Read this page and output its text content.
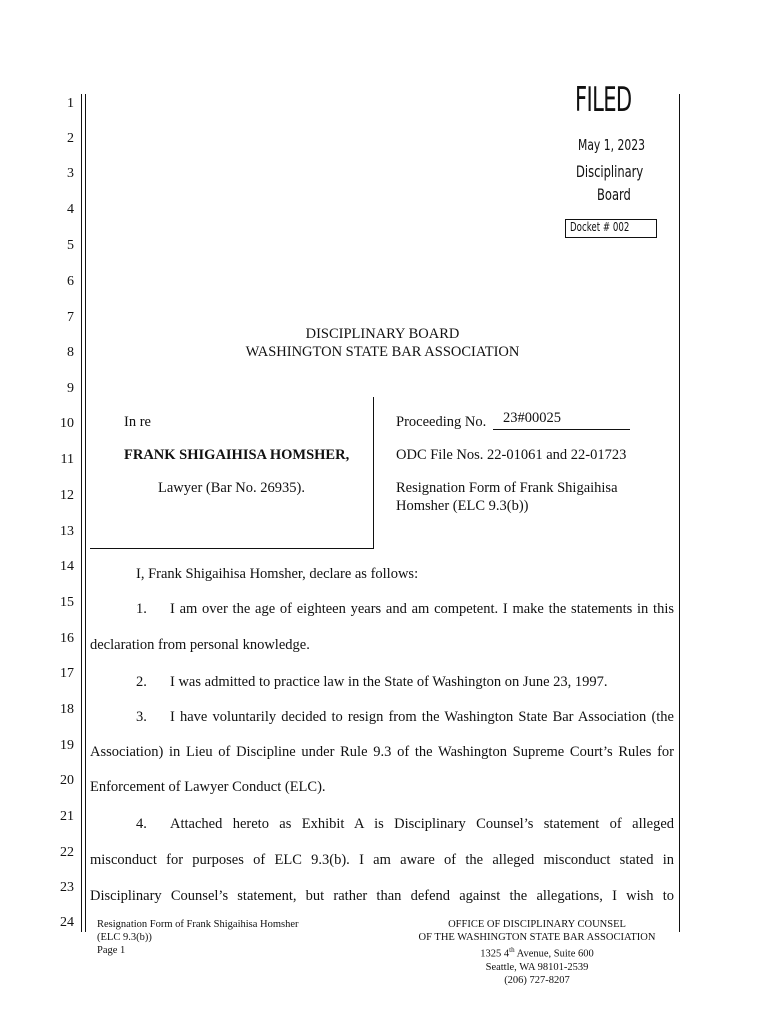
1
2
3
4
5
6
7
8
9
10
11
12
13
14
15
16
17
18
19
20
21
22
23
24
FILED
May 1, 2023
Disciplinary
Board
Docket # 002
DISCIPLINARY BOARD
WASHINGTON STATE BAR ASSOCIATION
In re
FRANK SHIGAIHISA HOMSHER,
Lawyer (Bar No. 26935).
Proceeding No. 23#00025
ODC File Nos. 22-01061 and 22-01723
Resignation Form of Frank Shigaihisa
Homsher (ELC 9.3(b))
I, Frank Shigaihisa Homsher, declare as follows:
1. I am over the age of eighteen years and am competent. I make the statements in this
declaration from personal knowledge.
2. I was admitted to practice law in the State of Washington on June 23, 1997.
3. I have voluntarily decided to resign from the Washington State Bar Association (the
Association) in Lieu of Discipline under Rule 9.3 of the Washington Supreme Court’s Rules for
Enforcement of Lawyer Conduct (ELC).
4. Attached hereto as Exhibit A is Disciplinary Counsel’s statement of alleged
misconduct for purposes of ELC 9.3(b). I am aware of the alleged misconduct stated in
Disciplinary Counsel’s statement, but rather than defend against the allegations, I wish to
Resignation Form of Frank Shigaihisa Homsher
(ELC 9.3(b))
Page 1
OFFICE OF DISCIPLINARY COUNSEL
OF THE WASHINGTON STATE BAR ASSOCIATION
1325 4th Avenue, Suite 600
Seattle, WA 98101-2539
(206) 727-8207
